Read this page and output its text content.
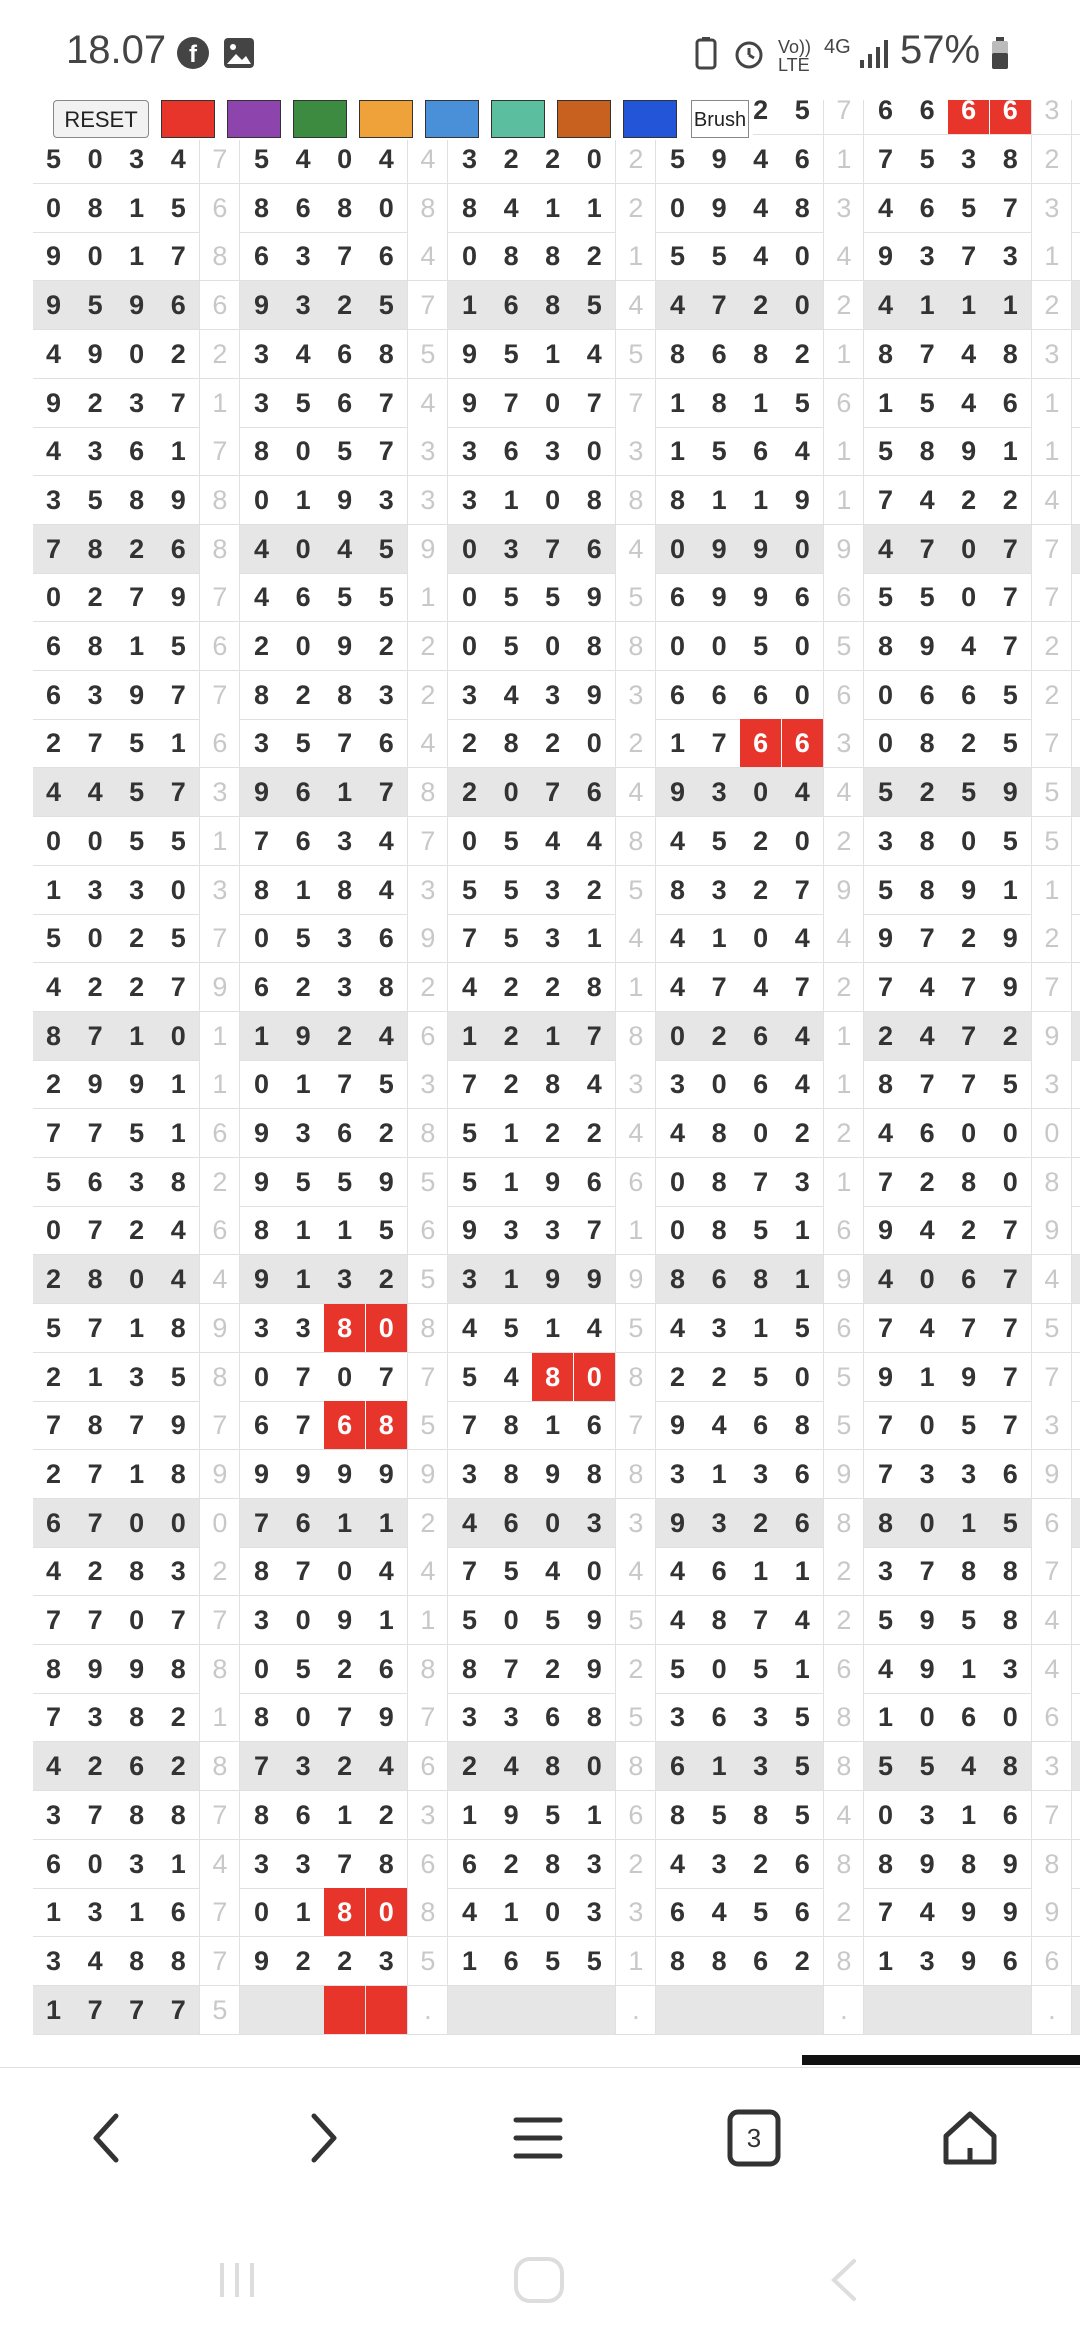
18.07 f	Vo)) LTE
4G 57%
2 5 7 6 6 6 6 3
5 0 3 4 7 5 4 0 4 4 3 2 2 0 2 5 9 4 6 1 7 5 3 8 2
0 8 1 5 6 8 6 8 0 8 8 4 1 1 2 0 9 4 8 3 4 6 5 7 3
9 0 1 7 8 6 3 7 6 4 0 8 8 2 1 5 5 4 0 4 9 3 7 3 1
9 5 9 6 6 9 3 2 5 7 1 6 8 5 4 4 7 2 0 2 4 1 1 1 2
4 9 0 2 2 3 4 6 8 5 9 5 1 4 5 8 6 8 2 1 8 7 4 8 3
9 2 3 7 1 3 5 6 7 4 9 7 0 7 7 1 8 1 5 6 1 5 4 6 1
4 3 6 1 7 8 0 5 7 3 3 6 3 0 3 1 5 6 4 1 5 8 9 1 1
3 5 8 9 8 0 1 9 3 3 3 1 0 8 8 8 1 1 9 1 7 4 2 2 4
7 8 2 6 8 4 0 4 5 9 0 3 7 6 4 0 9 9 0 9 4 7 0 7 7
0 2 7 9 7 4 6 5 5 1 0 5 5 9 5 6 9 9 6 6 5 5 0 7 7
6 8 1 5 6 2 0 9 2 2 0 5 0 8 8 0 0 5 0 5 8 9 4 7 2
6 3 9 7 7 8 2 8 3 2 3 4 3 9 3 6 6 6 0 6 0 6 6 5 2
2 7 5 1 6 3 5 7 6 4 2 8 2 0 2 1 7 6 6 3 0 8 2 5 7
4 4 5 7 3 9 6 1 7 8 2 0 7 6 4 9 3 0 4 4 5 2 5 9 5
0 0 5 5 1 7 6 3 4 7 0 5 4 4 8 4 5 2 0 2 3 8 0 5 5
1 3 3 0 3 8 1 8 4 3 5 5 3 2 5 8 3 2 7 9 5 8 9 1 1
5 0 2 5 7 0 5 3 6 9 7 5 3 1 4 4 1 0 4 4 9 7 2 9 2
4 2 2 7 9 6 2 3 8 2 4 2 2 8 1 4 7 4 7 2 7 4 7 9 7
8 7 1 0 1 1 9 2 4 6 1 2 1 7 8 0 2 6 4 1 2 4 7 2 9
2 9 9 1 1 0 1 7 5 3 7 2 8 4 3 3 0 6 4 1 8 7 7 5 3
7 7 5 1 6 9 3 6 2 8 5 1 2 2 4 4 8 0 2 2 4 6 0 0 0
5 6 3 8 2 9 5 5 9 5 5 1 9 6 6 0 8 7 3 1 7 2 8 0 8
0 7 2 4 6 8 1 1 5 6 9 3 3 7 1 0 8 5 1 6 9 4 2 7 9
2 8 0 4 4 9 1 3 2 5 3 1 9 9 9 8 6 8 1 9 4 0 6 7 4
5 7 1 8 9 3 3 8 0 8 4 5 1 4 5 4 3 1 5 6 7 4 7 7 5
2 1 3 5 8 0 7 0 7 7 5 4 8 0 8 2 2 5 0 5 9 1 9 7 7
7 8 7 9 7 6 7 6 8 5 7 8 1 6 7 9 4 6 8 5 7 0 5 7 3
2 7 1 8 9 9 9 9 9 9 3 8 9 8 8 3 1 3 6 9 7 3 3 6 9
6 7 0 0 0 7 6 1 1 2 4 6 0 3 3 9 3 2 6 8 8 0 1 5 6
4 2 8 3 2 8 7 0 4 4 7 5 4 0 4 4 6 1 1 2 3 7 8 8 7
7 7 0 7 7 3 0 9 1 1 5 0 5 9 5 4 8 7 4 2 5 9 5 8 4
8 9 9 8 8 0 5 2 6 8 8 7 2 9 2 5 0 5 1 6 4 9 1 3 4
7 3 8 2 1 8 0 7 9 7 3 3 6 8 5 3 6 3 5 8 1 0 6 0 6
4 2 6 2 8 7 3 2 4 6 2 4 8 0 8 6 1 3 5 8 5 5 4 8 3
3 7 8 8 7 8 6 1 2 3 1 9 5 1 6 8 5 8 5 4 0 3 1 6 7
6 0 3 1 4 3 3 7 8 6 6 2 8 3 2 4 3 2 6 8 8 9 8 9 8
1 3 1 6 7 0 1 8 0 8 4 1 0 3 3 6 4 5 6 2 7 4 9 9 9
3 4 8 8 7 9 2 2 3 5 1 6 5 5 1 8 8 6 2 8 1 3 9 6 6
1 7 7 7 5	.	.	.	.
RESET	Brush
3
